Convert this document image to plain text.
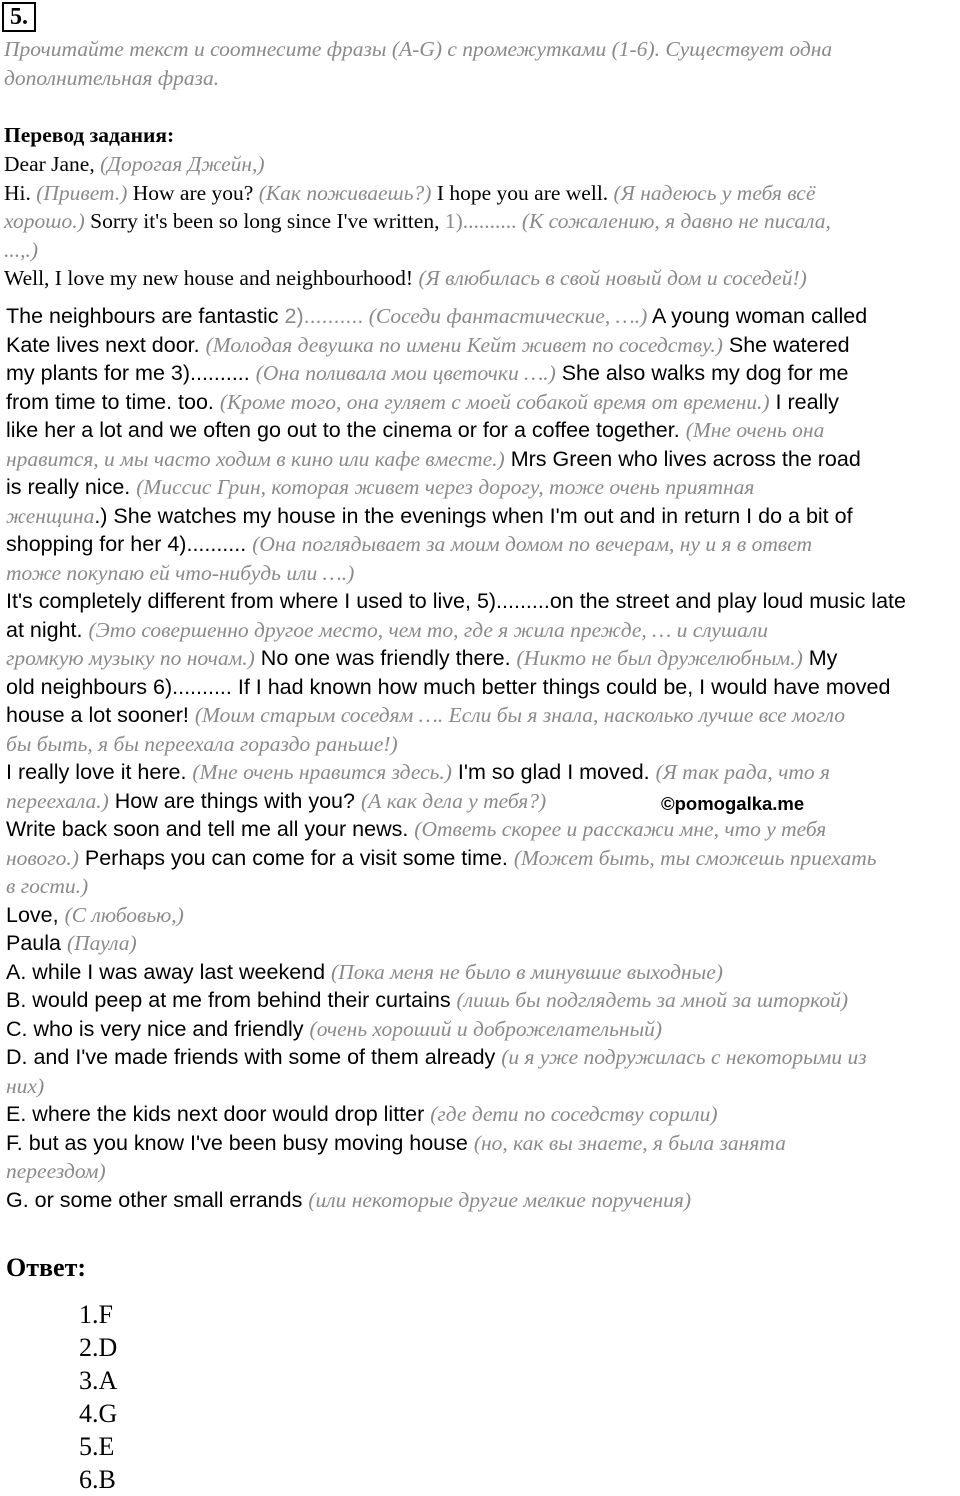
5.
Прочитайте текст и соотнесите фразы (A-G) с промежутками (1-6). Существует одна
дополнительная фраза.
Перевод задания:
Dear Jane, (Дорогая Джейн,)
Hi. (Привет.) How are you? (Как поживаешь?) I hope you are well. (Я надеюсь у тебя всё
хорошо.) Sorry it's been so long since I've written, 1).......... (К сожалению, я давно не писала,
...,.)
Well, I love my new house and neighbourhood! (Я влюбилась в свой новый дом и соседей!)
The neighbours are fantastic 2).......... (Соседи фантастические, ….) A young woman called
Kate lives next door. (Молодая девушка по имени Кейт живет по соседству.) She watered
my plants for me 3).......... (Она поливала мои цветочки ….) She also walks my dog for me
from time to time. too. (Кроме того, она гуляет с моей собакой время от времени.) I really
like her a lot and we often go out to the cinema or for a coffee together. (Мне очень она
нравится, и мы часто ходим в кино или кафе вместе.) Mrs Green who lives across the road
is really nice. (Миссис Грин, которая живет через дорогу, тоже очень приятная
женщина.) She watches my house in the evenings when I'm out and in return I do a bit of
shopping for her 4).......... (Она поглядывает за моим домом по вечерам, ну и я в ответ
тоже покупаю ей что-нибудь или ….)
It's completely different from where I used to live, 5).........on the street and play loud music late
at night. (Это совершенно другое место, чем то, где я жила прежде, … и слушали
громкую музыку по ночам.) No one was friendly there. (Никто не был дружелюбным.) My
old neighbours 6).......... If I had known how much better things could be, I would have moved
house a lot sooner! (Моим старым соседям …. Если бы я знала, насколько лучше все могло
бы быть, я бы переехала гораздо раньше!)
I really love it here. (Мне очень нравится здесь.) I'm so glad I moved. (Я так рада, что я
переехала.) How are things with you? (А как дела у тебя?)
Write back soon and tell me all your news. (Ответь скорее и расскажи мне, что у тебя
нового.) Perhaps you can come for a visit some time. (Может быть, ты сможешь приехать
в гости.)
Love, (С любовью,)
Paula (Паула)
A. while I was away last weekend (Пока меня не было в минувшие выходные)
B. would peep at me from behind their curtains (лишь бы подглядеть за мной за шторкой)
C. who is very nice and friendly (очень хороший и доброжелательный)
D. and I've made friends with some of them already (и я уже подружилась с некоторыми из
них)
E. where the kids next door would drop litter (где дети по соседству сорили)
F. but as you know I've been busy moving house (но, как вы знаете, я была занята
переездом)
G. or some other small errands (или некоторые другие мелкие поручения)
©pomogalka.me
Ответ:
1.F
2.D
3.A
4.G
5.E
6.B
